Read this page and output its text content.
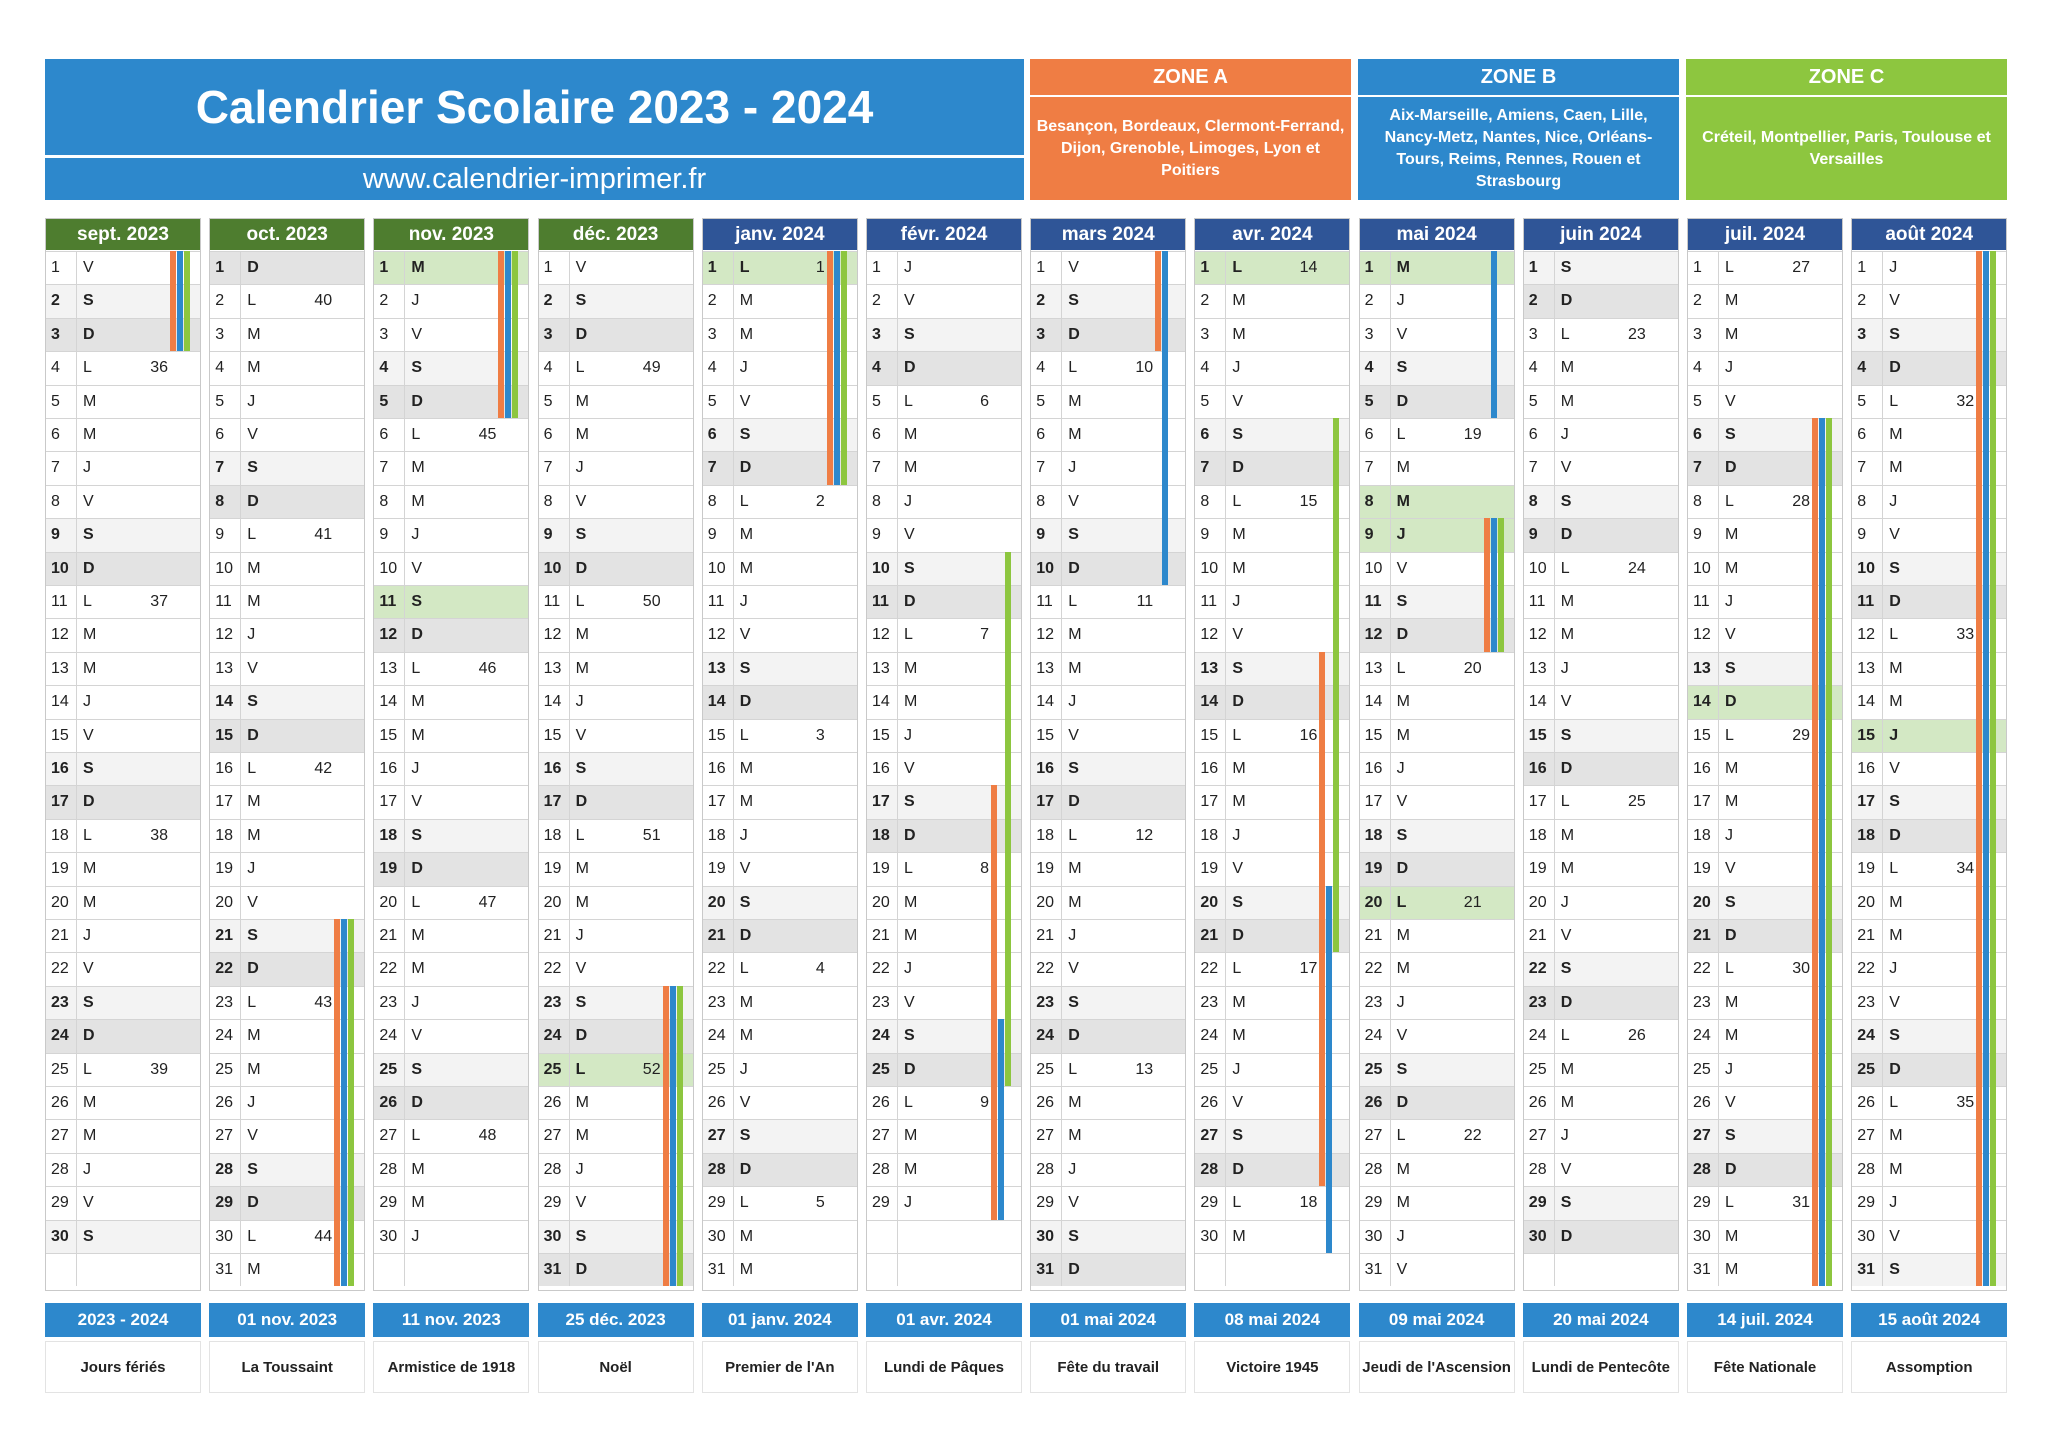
Calendrier Scolaire 2023 - 2024
www.calendrier-imprimer.fr
ZONE A
Besançon, Bordeaux, Clermont-Ferrand, Dijon, Grenoble, Limoges, Lyon et Poitiers
ZONE B
Aix-Marseille, Amiens, Caen, Lille, Nancy-Metz, Nantes, Nice, Orléans-Tours, Reims, Rennes, Rouen et Strasbourg
ZONE C
Créteil, Montpellier, Paris, Toulouse et Versailles
sept. 2023
1	V
2	S
3	D
4	L	36
5	M
6	M
7	J
8	V
9	S
10 D
11 L	37
12 M
13 M
14 J
15 V
16 S
17 D
18 L	38
19 M
20 M
21 J
22 V
23 S
24 D
25 L	39
26 M
27 M
28 J
29 V
30 S
oct. 2023
1	D
2	L	40
3	M
4	M
5	J
6	V
7	S
8	D
9	L	41
10 M
11 M
12 J
13 V
14 S
15 D
16 L	42
17 M
18 M
19 J
20 V
21 S
22 D
23 L	43
24 M
25 M
26 J
27 V
28 S
29 D
30 L	44
31 M
nov. 2023
1	M
2	J
3	V
4	S
5	D
6	L	45
7	M
8	M
9	J
10 V
11 S
12 D
13 L	46
14 M
15 M
16 J
17 V
18 S
19 D
20 L	47
21 M
22 M
23 J
24 V
25 S
26 D
27 L	48
28 M
29 M
30 J
déc. 2023
1	V
2	S
3	D
4	L	49
5	M
6	M
7	J
8	V
9	S
10 D
11 L	50
12 M
13 M
14 J
15 V
16 S
17 D
18 L	51
19 M
20 M
21 J
22 V
23 S
24 D
25 L	52
26 M
27 M
28 J
29 V
30 S
31 D
janv. 2024
1	L	1
2	M
3	M
4	J
5	V
6	S
7	D
8	L	2
9	M
10 M
11 J
12 V
13 S
14 D
15 L	3
16 M
17 M
18 J
19 V
20 S
21 D
22 L	4
23 M
24 M
25 J
26 V
27 S
28 D
29 L	5
30 M
31 M
févr. 2024
1	J
2	V
3	S
4	D
5	L	6
6	M
7	M
8	J
9	V
10 S
11 D
12 L	7
13 M
14 M
15 J
16 V
17 S
18 D
19 L	8
20 M
21 M
22 J
23 V
24 S
25 D
26 L	9
27 M
28 M
29 J
mars 2024
1	V
2	S
3	D
4	L	10
5	M
6	M
7	J
8	V
9	S
10 D
11 L	11
12 M
13 M
14 J
15 V
16 S
17 D
18 L	12
19 M
20 M
21 J
22 V
23 S
24 D
25 L	13
26 M
27 M
28 J
29 V
30 S
31 D
avr. 2024
1	L	14
2	M
3	M
4	J
5	V
6	S
7	D
8	L	15
9	M
10 M
11 J
12 V
13 S
14 D
15 L	16
16 M
17 M
18 J
19 V
20 S
21 D
22 L	17
23 M
24 M
25 J
26 V
27 S
28 D
29 L	18
30 M
mai 2024
1	M
2	J
3	V
4	S
5	D
6	L	19
7	M
8	M
9	J
10 V
11 S
12 D
13 L	20
14 M
15 M
16 J
17 V
18 S
19 D
20 L	21
21 M
22 M
23 J
24 V
25 S
26 D
27 L	22
28 M
29 M
30 J
31 V
juin 2024
1	S
2	D
3	L	23
4	M
5	M
6	J
7	V
8	S
9	D
10 L	24
11 M
12 M
13 J
14 V
15 S
16 D
17 L	25
18 M
19 M
20 J
21 V
22 S
23 D
24 L	26
25 M
26 M
27 J
28 V
29 S
30 D
juil. 2024
1	L	27
2	M
3	M
4	J
5	V
6	S
7	D
8	L	28
9	M
10 M
11 J
12 V
13 S
14 D
15 L	29
16 M
17 M
18 J
19 V
20 S
21 D
22 L	30
23 M
24 M
25 J
26 V
27 S
28 D
29 L	31
30 M
31 M
août 2024
1	J
2	V
3	S
4	D
5	L	32
6	M
7	M
8	J
9	V
10 S
11 D
12 L	33
13 M
14 M
15 J
16 V
17 S
18 D
19 L	34
20 M
21 M
22 J
23 V
24 S
25 D
26 L	35
27 M
28 M
29 J
30 V
31 S
2023 - 2024
Jours fériés
01 nov. 2023
La Toussaint
11 nov. 2023
Armistice de 1918
25 déc. 2023
Noël
01 janv. 2024
Premier de l'An
01 avr. 2024
Lundi de Pâques
01 mai 2024
Fête du travail
08 mai 2024
Victoire 1945
09 mai 2024
Jeudi de l'Ascension
20 mai 2024
Lundi de Pentecôte
14 juil. 2024
Fête Nationale
15 août 2024
Assomption
